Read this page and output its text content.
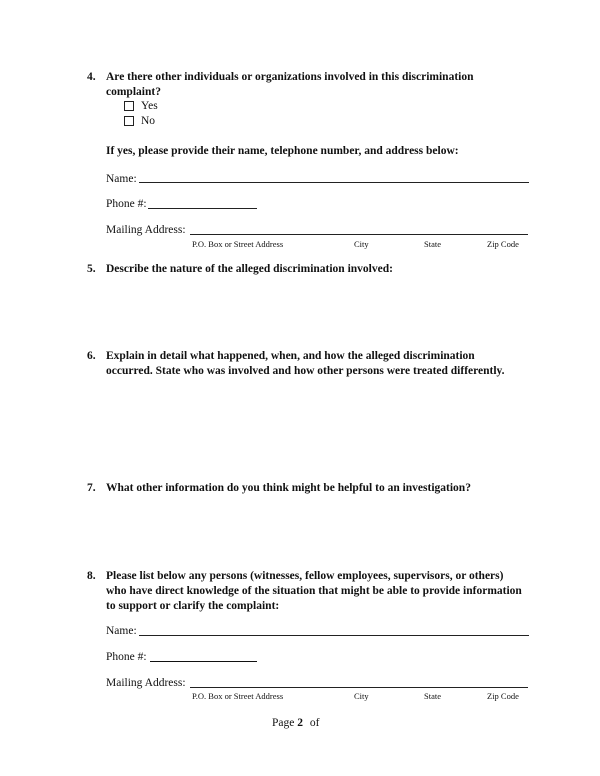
4. Are there other individuals or organizations involved in this discrimination complaint?
Yes
No
If yes, please provide their name, telephone number, and address below:
Name:
Phone #:
Mailing Address:
P.O. Box or Street Address	City	State	Zip Code
5. Describe the nature of the alleged discrimination involved:
6. Explain in detail what happened, when, and how the alleged discrimination occurred. State who was involved and how other persons were treated differently.
7. What other information do you think might be helpful to an investigation?
8. Please list below any persons (witnesses, fellow employees, supervisors, or others) who have direct knowledge of the situation that might be able to provide information to support or clarify the complaint:
Name:
Phone #:
Mailing Address:
P.O. Box or Street Address	City	State	Zip Code
Page 2 of
